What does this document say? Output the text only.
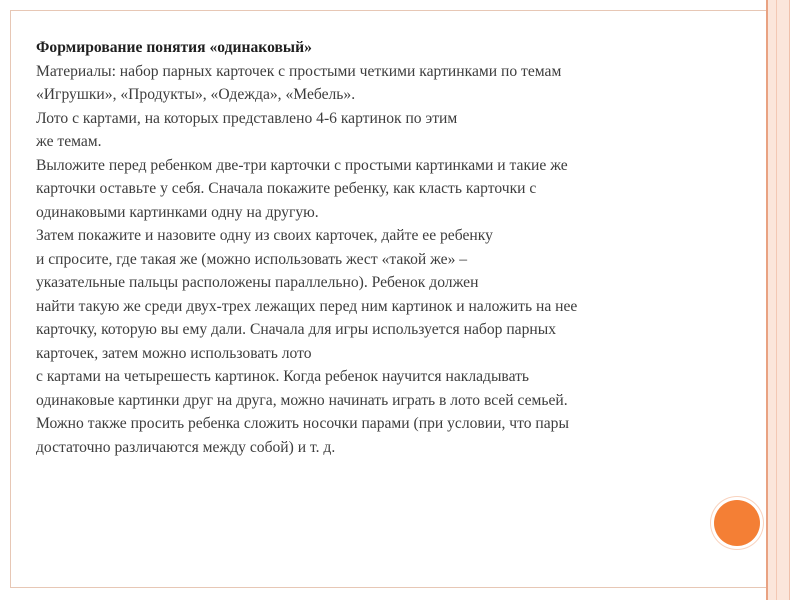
Формирование понятия «одинаковый»
Материалы: набор парных карточек с простыми четкими картинками по темам
«Игрушки», «Продукты», «Одежда», «Мебель».
Лото с картами, на которых представлено 4-6 картинок по этим
же темам.
Выложите перед ребенком две-три карточки с простыми картинками и такие же
карточки оставьте у себя. Сначала покажите ребенку, как класть карточки с
одинаковыми картинками одну на другую.
Затем покажите и назовите одну из своих карточек, дайте ее ребенку
и спросите, где такая же (можно использовать жест «такой же» –
указательные пальцы расположены параллельно). Ребенок должен
найти такую же среди двух-трех лежащих перед ним картинок и наложить на нее
карточку, которую вы ему дали. Сначала для игры используется набор парных
карточек, затем можно использовать лото
с картами на четырешесть картинок. Когда ребенок научится накладывать
одинаковые картинки друг на друга, можно начинать играть в лото всей семьей.
Можно также просить ребенка сложить носочки парами (при условии, что пары
достаточно различаются между собой) и т. д.
